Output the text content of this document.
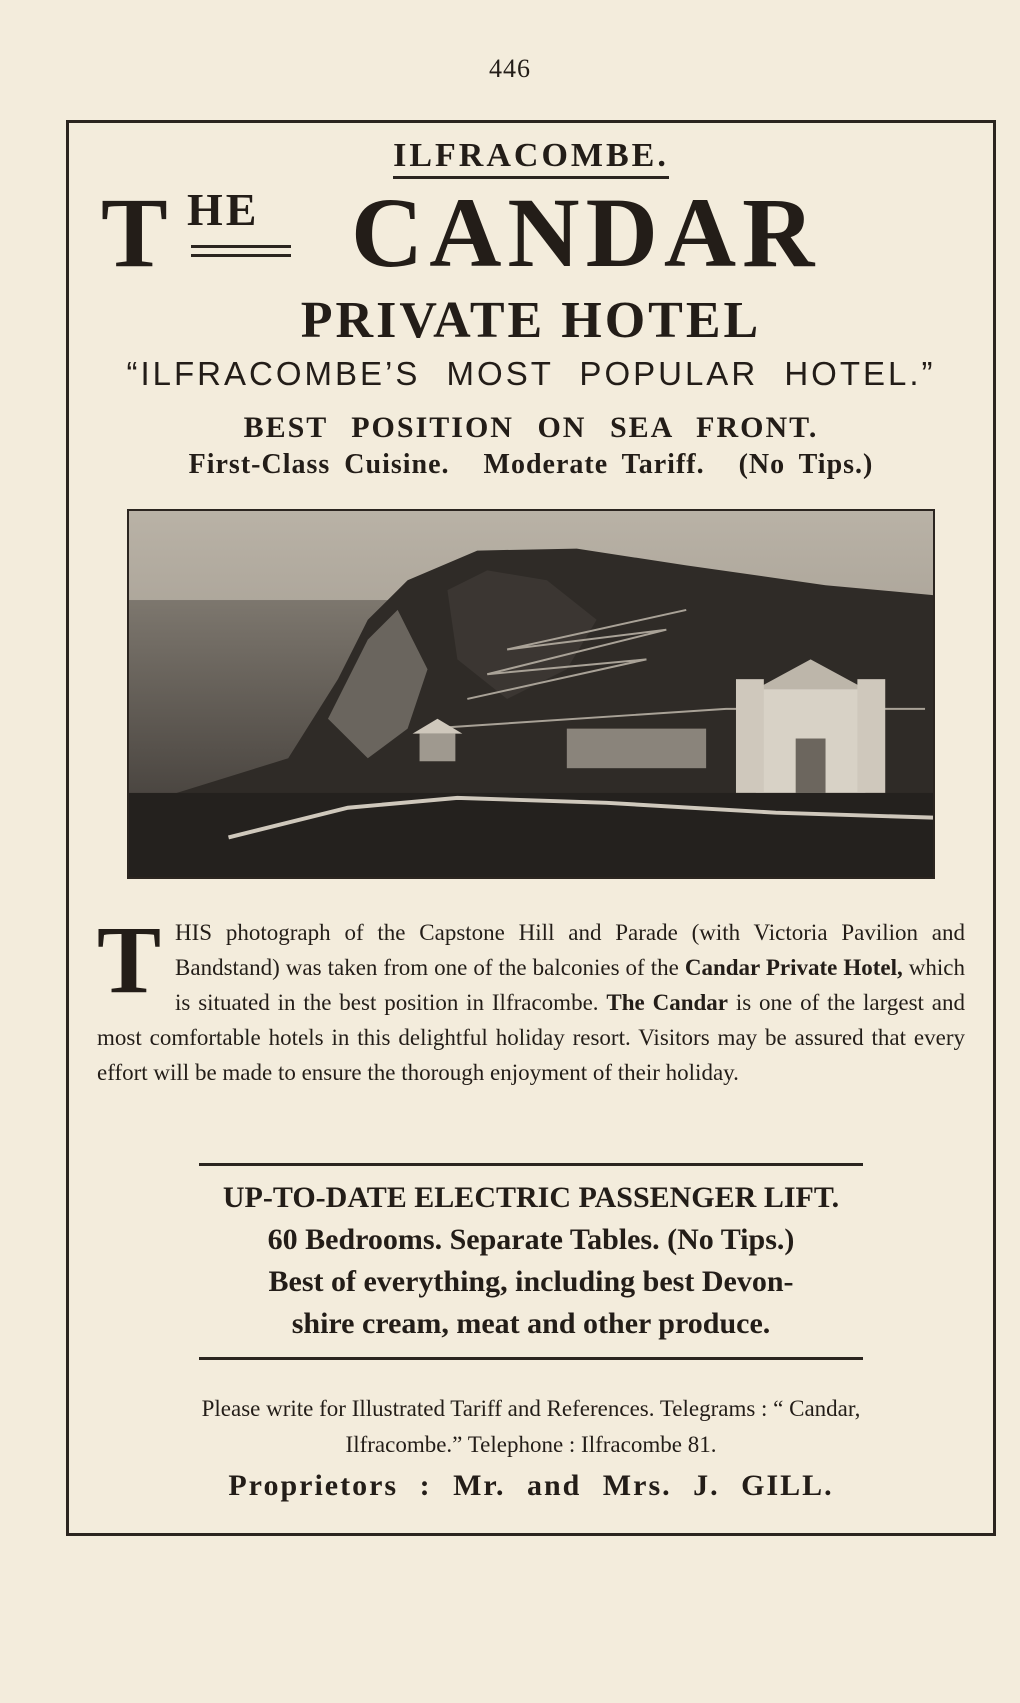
446
ILFRACOMBE.
T HE CANDAR
PRIVATE HOTEL
“ILFRACOMBE’S MOST POPULAR HOTEL.”
BEST POSITION ON SEA FRONT.
First-Class Cuisine. Moderate Tariff. (No Tips.)
THIS photograph of the Capstone Hill and Parade (with Victoria Pavilion and Bandstand) was taken from one of the balconies of the Candar Private Hotel, which is situated in the best position in Ilfracombe. The Candar is one of the largest and most comfortable hotels in this delightful holiday resort. Visitors may be assured that every effort will be made to ensure the thorough enjoyment of their holiday.
UP-TO-DATE ELECTRIC PASSENGER LIFT.
60 Bedrooms. Separate Tables. (No Tips.)
Best of everything, including best Devon-
shire cream, meat and other produce.
Please write for Illustrated Tariff and References. Telegrams : “ Candar,
Ilfracombe.” Telephone : Ilfracombe 81.
Proprietors : Mr. and Mrs. J. GILL.
